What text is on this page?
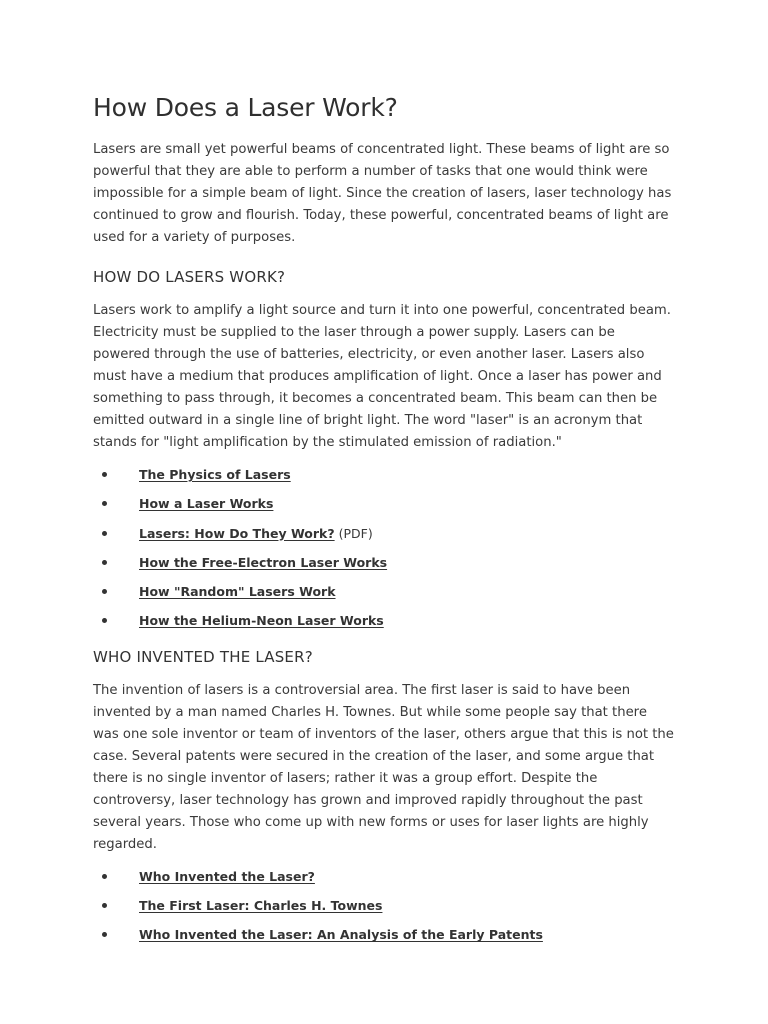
How Does a Laser Work?

Lasers are small yet powerful beams of concentrated light. These beams of light are so powerful that they are able to perform a number of tasks that one would think were impossible for a simple beam of light. Since the creation of lasers, laser technology has continued to grow and flourish. Today, these powerful, concentrated beams of light are used for a variety of purposes.

HOW DO LASERS WORK?

Lasers work to amplify a light source and turn it into one powerful, concentrated beam. Electricity must be supplied to the laser through a power supply. Lasers can be powered through the use of batteries, electricity, or even another laser. Lasers also must have a medium that produces amplification of light. Once a laser has power and something to pass through, it becomes a concentrated beam. This beam can then be emitted outward in a single line of bright light. The word "laser" is an acronym that stands for "light amplification by the stimulated emission of radiation."

The Physics of Lasers
How a Laser Works
Lasers: How Do They Work? (PDF)
How the Free-Electron Laser Works
How "Random" Lasers Work
How the Helium-Neon Laser Works
WHO INVENTED THE LASER?

The invention of lasers is a controversial area. The first laser is said to have been invented by a man named Charles H. Townes. But while some people say that there was one sole inventor or team of inventors of the laser, others argue that this is not the case. Several patents were secured in the creation of the laser, and some argue that there is no single inventor of lasers; rather it was a group effort. Despite the controversy, laser technology has grown and improved rapidly throughout the past several years. Those who come up with new forms or uses for laser lights are highly regarded.

Who Invented the Laser?
The First Laser: Charles H. Townes
Who Invented the Laser: An Analysis of the Early Patents
